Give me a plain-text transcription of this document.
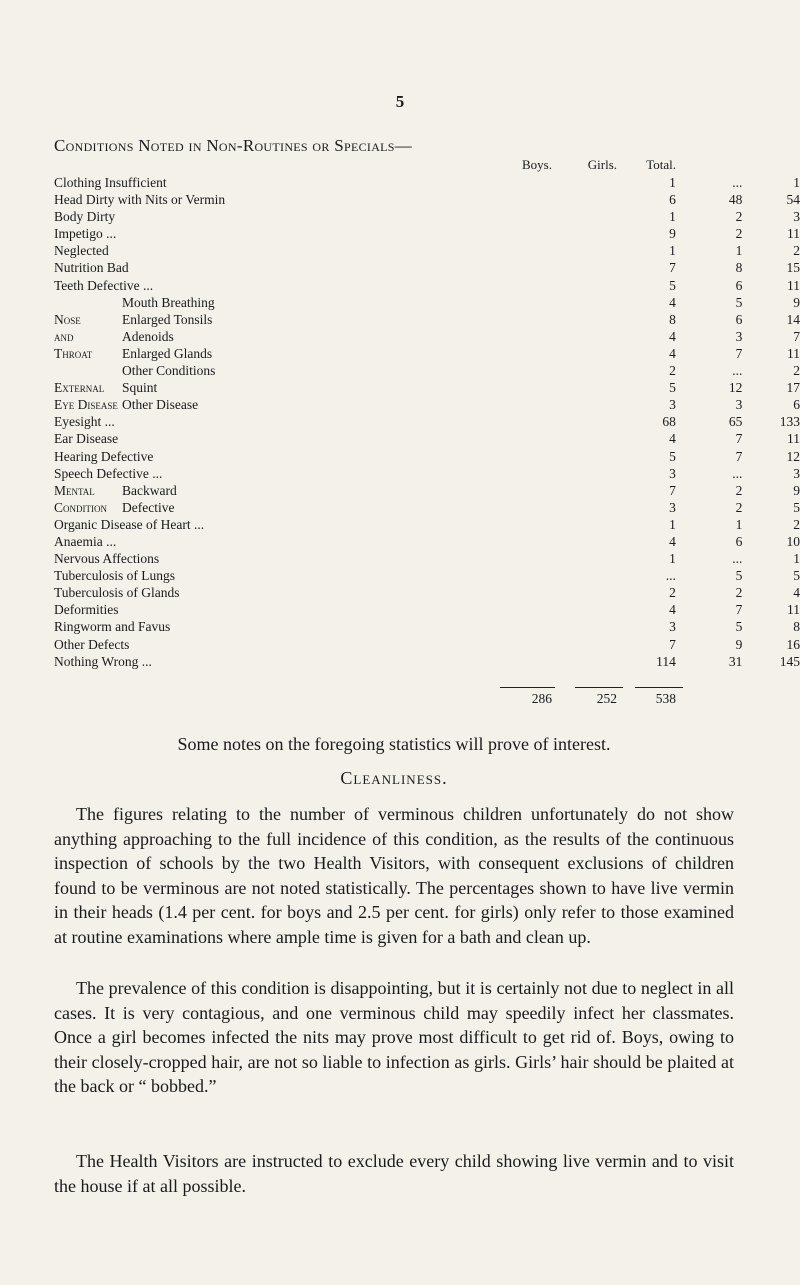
5
Conditions Noted in Non-Routines or Specials—
Boys.	Girls.	Total.
Clothing Insufficient		1	...	1
Head Dirty with Nits or Vermin		6	48	54
Body Dirty		1	2	3
Impetigo ...		9	2	11
Neglected		1	1	2
Nutrition Bad		7	8	15
Teeth Defective ...		5	6	11
Mouth Breathing		4	5	9
Nose Enlarged Tonsils		8	6	14
and Adenoids		4	3	7
Throat Enlarged Glands		4	7	11
Other Conditions		2	...	2
External Squint		5	12	17
Eye Disease Other Disease		3	3	6
Eyesight ...		68	65	133
Ear Disease		4	7	11
Hearing Defective		5	7	12
Speech Defective ...		3	...	3
Mental Backward		7	2	9
Condition Defective		3	2	5
Organic Disease of Heart ...		1	1	2
Anaemia ...		4	6	10
Nervous Affections		1	...	1
Tuberculosis of Lungs		...	5	5
Tuberculosis of Glands		2	2	4
Deformities		4	7	11
Ringworm and Favus		3	5	8
Other Defects		7	9	16
Nothing Wrong ...		114	31	145
286	252	538
Some notes on the foregoing statistics will prove of interest.
Cleanliness.
The figures relating to the number of verminous children unfortunately do not show anything approaching to the full incidence of this condition, as the results of the continuous inspection of schools by the two Health Visitors, with consequent exclusions of children found to be verminous are not noted statistically. The percentages shown to have live vermin in their heads (1.4 per cent. for boys and 2.5 per cent. for girls) only refer to those examined at routine examinations where ample time is given for a bath and clean up.
The prevalence of this condition is disappointing, but it is certainly not due to neglect in all cases. It is very contagious, and one verminous child may speedily infect her classmates. Once a girl becomes infected the nits may prove most difficult to get rid of. Boys, owing to their closely-cropped hair, are not so liable to infection as girls. Girls’ hair should be plaited at the back or “ bobbed.”
The Health Visitors are instructed to exclude every child showing live vermin and to visit the house if at all possible.
